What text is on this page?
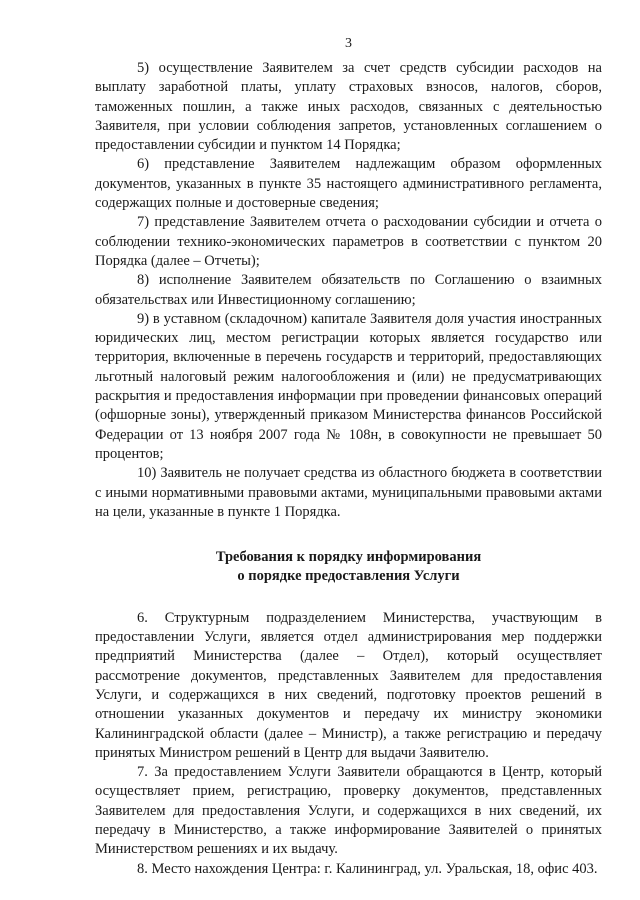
3

5) осуществление Заявителем за счет средств субсидии расходов на выплату заработной платы, уплату страховых взносов, налогов, сборов, таможенных пошлин, а также иных расходов, связанных с деятельностью Заявителя, при условии соблюдения запретов, установленных соглашением о предоставлении субсидии и пунктом 14 Порядка;

6) представление Заявителем надлежащим образом оформленных документов, указанных в пункте 35 настоящего административного регламента, содержащих полные и достоверные сведения;

7) представление Заявителем отчета о расходовании субсидии и отчета о соблюдении технико-экономических параметров в соответствии с пунктом 20 Порядка (далее – Отчеты);

8) исполнение Заявителем обязательств по Соглашению о взаимных обязательствах или Инвестиционному соглашению;

9) в уставном (складочном) капитале Заявителя доля участия иностранных юридических лиц, местом регистрации которых является государство или территория, включенные в перечень государств и территорий, предоставляющих льготный налоговый режим налогообложения и (или) не предусматривающих раскрытия и предоставления информации при проведении финансовых операций (офшорные зоны), утвержденный приказом Министерства финансов Российской Федерации от 13 ноября 2007 года № 108н, в совокупности не превышает 50 процентов;

10) Заявитель не получает средства из областного бюджета в соответствии с иными нормативными правовыми актами, муниципальными правовыми актами на цели, указанные в пункте 1 Порядка.

Требования к порядку информирования
о порядке предоставления Услуги

6. Структурным подразделением Министерства, участвующим в предоставлении Услуги, является отдел администрирования мер поддержки предприятий Министерства (далее – Отдел), который осуществляет рассмотрение документов, представленных Заявителем для предоставления Услуги, и содержащихся в них сведений, подготовку проектов решений в отношении указанных документов и передачу их министру экономики Калининградской области (далее – Министр), а также регистрацию и передачу принятых Министром решений в Центр для выдачи Заявителю.

7. За предоставлением Услуги Заявители обращаются в Центр, который осуществляет прием, регистрацию, проверку документов, представленных Заявителем для предоставления Услуги, и содержащихся в них сведений, их передачу в Министерство, а также информирование Заявителей о принятых Министерством решениях и их выдачу.

8. Место нахождения Центра: г. Калининград, ул. Уральская, 18, офис 403.
